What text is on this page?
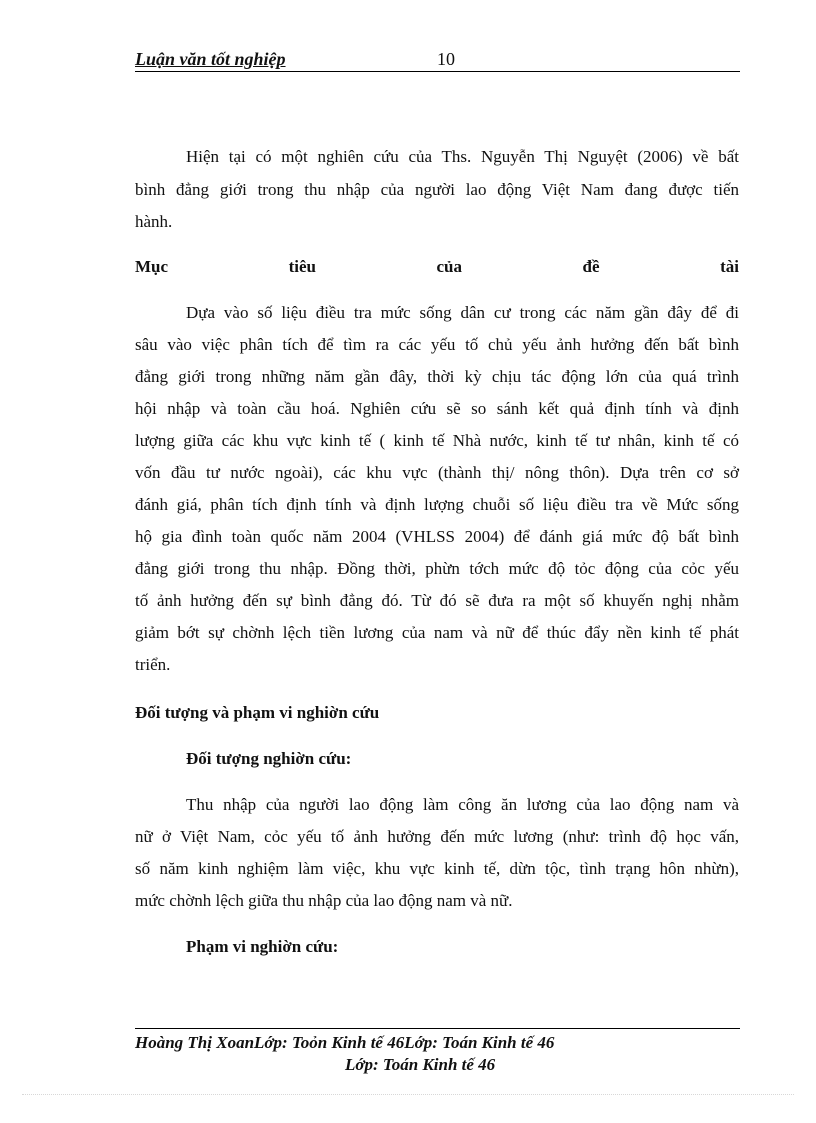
Luận văn tốt nghiệp	10
Hiện tại có một nghiên cứu của Ths. Nguyễn Thị Nguyệt (2006) về bất
bình đẳng giới trong thu nhập của người lao động Việt Nam đang được tiến
hành.
Mục tiêu của đề tài
Dựa vào số liệu điều tra mức sống dân cư trong các năm gần đây để đi
sâu vào việc phân tích để tìm ra các yếu tố chủ yếu ảnh hưởng đến bất bình
đẳng giới trong những năm gần đây, thời kỳ chịu tác động lớn của quá trình
hội nhập và toàn cầu hoá. Nghiên cứu sẽ so sánh kết quả định tính và định
lượng giữa các khu vực kinh tế ( kinh tế Nhà nước, kinh tế tư nhân, kinh tế có
vốn đầu tư nước ngoài), các khu vực (thành thị/ nông thôn). Dựa trên cơ sở
đánh giá, phân tích định tính và định lượng chuỗi số liệu điều tra về Mức sống
hộ gia đình toàn quốc năm 2004 (VHLSS 2004) để đánh giá mức độ bất bình
đẳng giới trong thu nhập. Đồng thời, phừn tớch mức độ tỏc động của cỏc yếu
tố ảnh hưởng đến sự bình đẳng đó. Từ đó sẽ đưa ra một số khuyến nghị nhằm
giảm bớt sự chờnh lệch tiền lương của nam và nữ để thúc đẩy nền kinh tế phát
triển.
Đối tượng và phạm vi nghiờn cứu
Đối tượng nghiờn cứu:
Thu nhập của người lao động làm công ăn lương của lao động nam và
nữ ở Việt Nam, cỏc yếu tố ảnh hưởng đến mức lương (như: trình độ học vấn,
số năm kinh nghiệm làm việc, khu vực kinh tế, dừn tộc, tình trạng hôn nhừn),
mức chờnh lệch giữa thu nhập của lao động nam và nữ.
Phạm vi nghiờn cứu:
Hoàng Thị XoanLớp: Toỏn Kinh tế 46Lớp: Toán Kinh tế 46
Lớp: Toán Kinh tế 46
